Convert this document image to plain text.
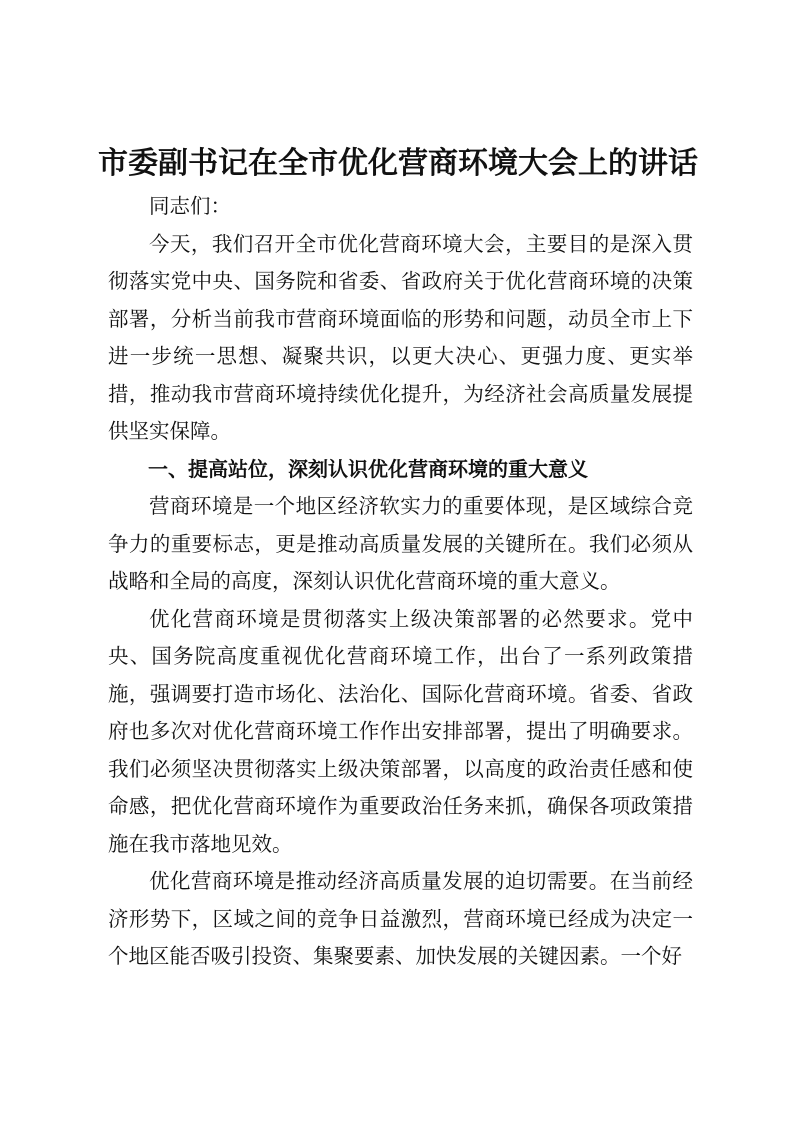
市委副书记在全市优化营商环境大会上的讲话

同志们：

今天，我们召开全市优化营商环境大会，主要目的是深入贯彻落实党中央、国务院和省委、省政府关于优化营商环境的决策部署，分析当前我市营商环境面临的形势和问题，动员全市上下进一步统一思想、凝聚共识，以更大决心、更强力度、更实举措，推动我市营商环境持续优化提升，为经济社会高质量发展提供坚实保障。

一、提高站位，深刻认识优化营商环境的重大意义

营商环境是一个地区经济软实力的重要体现，是区域综合竞争力的重要标志，更是推动高质量发展的关键所在。我们必须从战略和全局的高度，深刻认识优化营商环境的重大意义。

优化营商环境是贯彻落实上级决策部署的必然要求。党中央、国务院高度重视优化营商环境工作，出台了一系列政策措施，强调要打造市场化、法治化、国际化营商环境。省委、省政府也多次对优化营商环境工作作出安排部署，提出了明确要求。我们必须坚决贯彻落实上级决策部署，以高度的政治责任感和使命感，把优化营商环境作为重要政治任务来抓，确保各项政策措施在我市落地见效。

优化营商环境是推动经济高质量发展的迫切需要。在当前经济形势下，区域之间的竞争日益激烈，营商环境已经成为决定一个地区能否吸引投资、集聚要素、加快发展的关键因素。一个好
